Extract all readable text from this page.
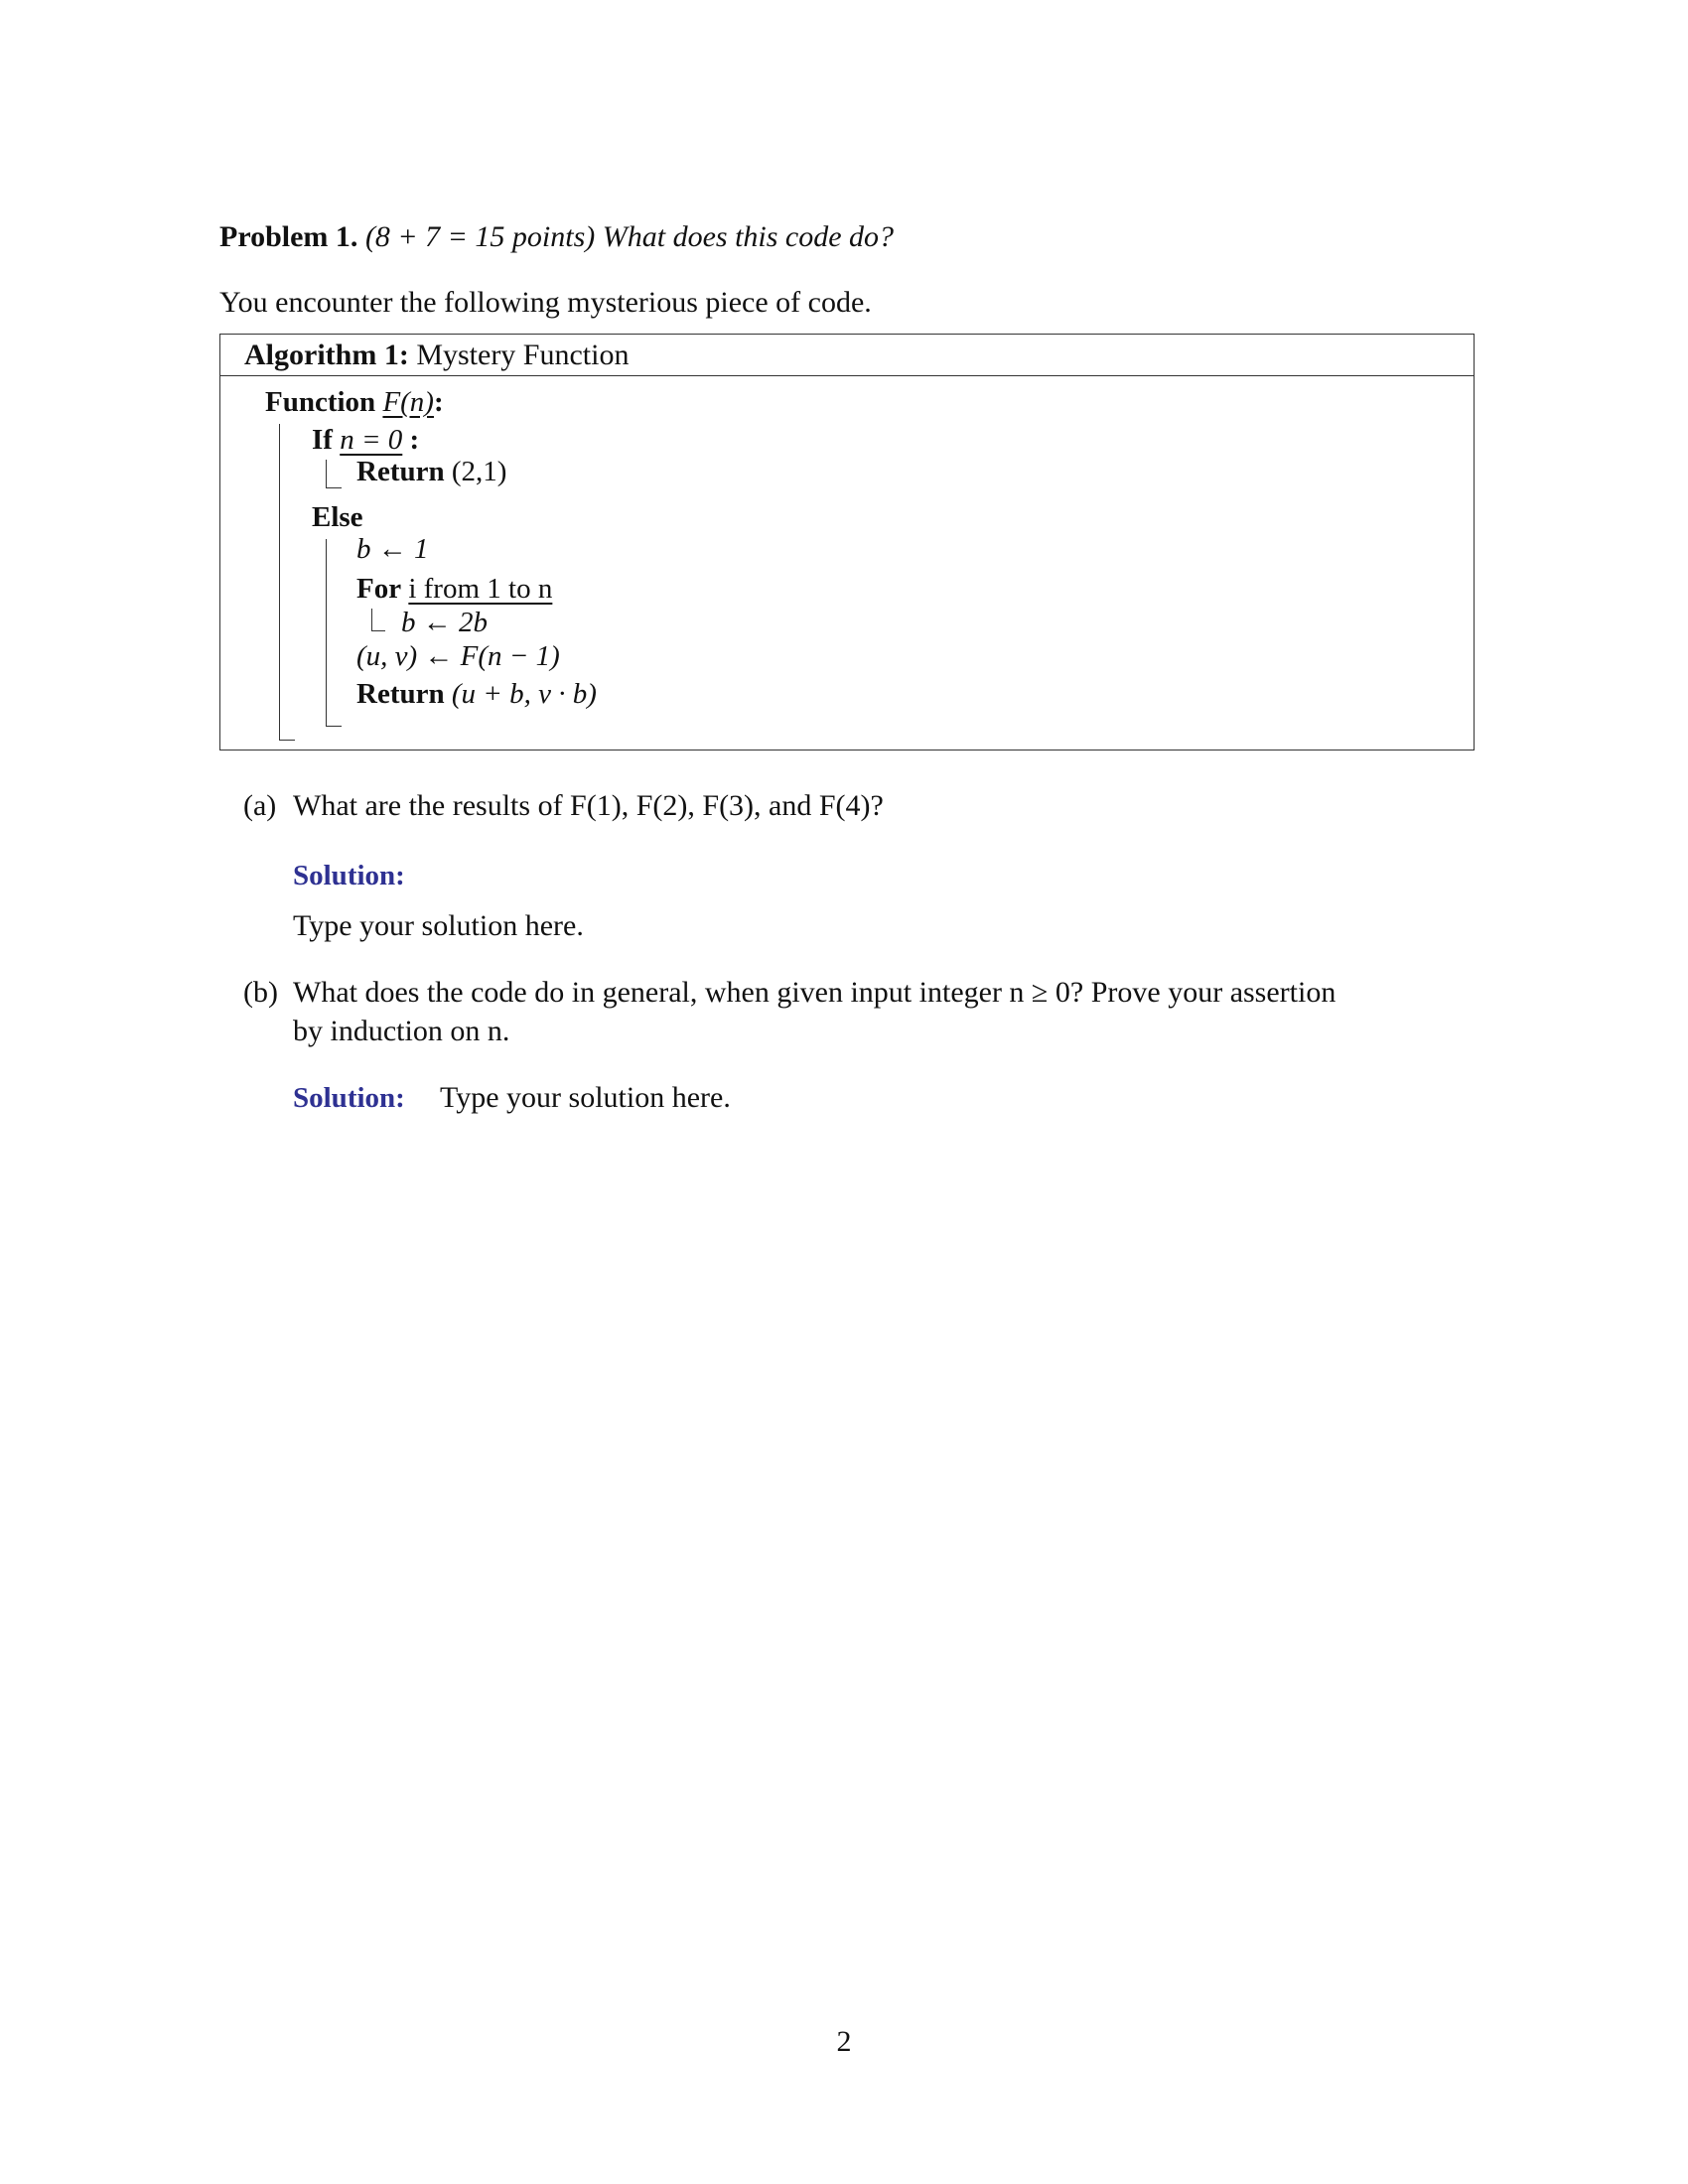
Problem 1. (8 + 7 = 15 points) What does this code do?
You encounter the following mysterious piece of code.
Algorithm 1: Mystery Function
Function F(n):
If n = 0 :
Return (2,1)
Else
b ← 1
For i from 1 to n
b ← 2b
(u, v) ← F(n − 1)
Return (u + b, v · b)
(a) What are the results of F(1), F(2), F(3), and F(4)?
Solution:
Type your solution here.
(b) What does the code do in general, when given input integer n ≥ 0? Prove your assertion
by induction on n.
Solution: Type your solution here.
2
